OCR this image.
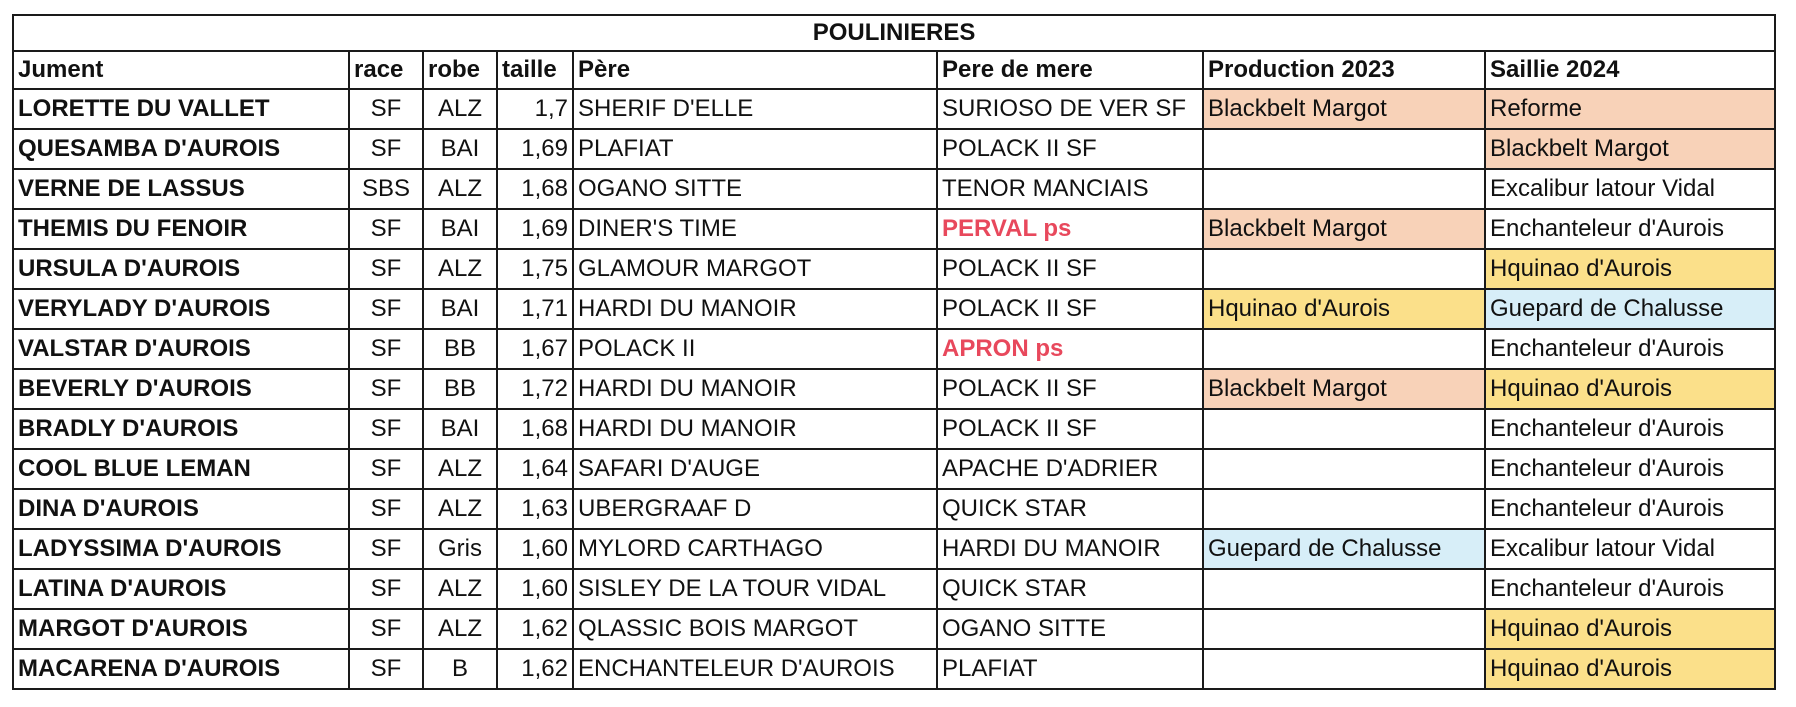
POULINIERES							
Jument	race	robe	taille	Père	Pere de mere	Production 2023	Saillie 2024
LORETTE DU VALLET	SF	ALZ	1,7	SHERIF D'ELLE	SURIOSO DE VER SF	Blackbelt Margot	Reforme
QUESAMBA D'AUROIS	SF	BAI	1,69	PLAFIAT	POLACK II SF		Blackbelt Margot
VERNE DE LASSUS	SBS	ALZ	1,68	OGANO SITTE	TENOR MANCIAIS		Excalibur latour Vidal
THEMIS DU FENOIR	SF	BAI	1,69	DINER'S TIME	PERVAL ps	Blackbelt Margot	Enchanteleur d'Aurois
URSULA D'AUROIS	SF	ALZ	1,75	GLAMOUR MARGOT	POLACK II SF		Hquinao d'Aurois
VERYLADY D'AUROIS	SF	BAI	1,71	HARDI DU MANOIR	POLACK II SF	Hquinao d'Aurois	Guepard de Chalusse
VALSTAR D'AUROIS	SF	BB	1,67	POLACK II	APRON ps		Enchanteleur d'Aurois
BEVERLY D'AUROIS	SF	BB	1,72	HARDI DU MANOIR	POLACK II SF	Blackbelt Margot	Hquinao d'Aurois
BRADLY D'AUROIS	SF	BAI	1,68	HARDI DU MANOIR	POLACK II SF		Enchanteleur d'Aurois
COOL BLUE LEMAN	SF	ALZ	1,64	SAFARI D'AUGE	APACHE D'ADRIER		Enchanteleur d'Aurois
DINA D'AUROIS	SF	ALZ	1,63	UBERGRAAF D	QUICK STAR		Enchanteleur d'Aurois
LADYSSIMA D'AUROIS	SF	Gris	1,60	MYLORD CARTHAGO	HARDI DU MANOIR	Guepard de Chalusse	Excalibur latour Vidal
LATINA D'AUROIS	SF	ALZ	1,60	SISLEY DE LA TOUR VIDAL	QUICK STAR		Enchanteleur d'Aurois
MARGOT D'AUROIS	SF	ALZ	1,62	QLASSIC BOIS MARGOT	OGANO SITTE		Hquinao d'Aurois
MACARENA D'AUROIS	SF	B	1,62	ENCHANTELEUR D'AUROIS	PLAFIAT		Hquinao d'Aurois
